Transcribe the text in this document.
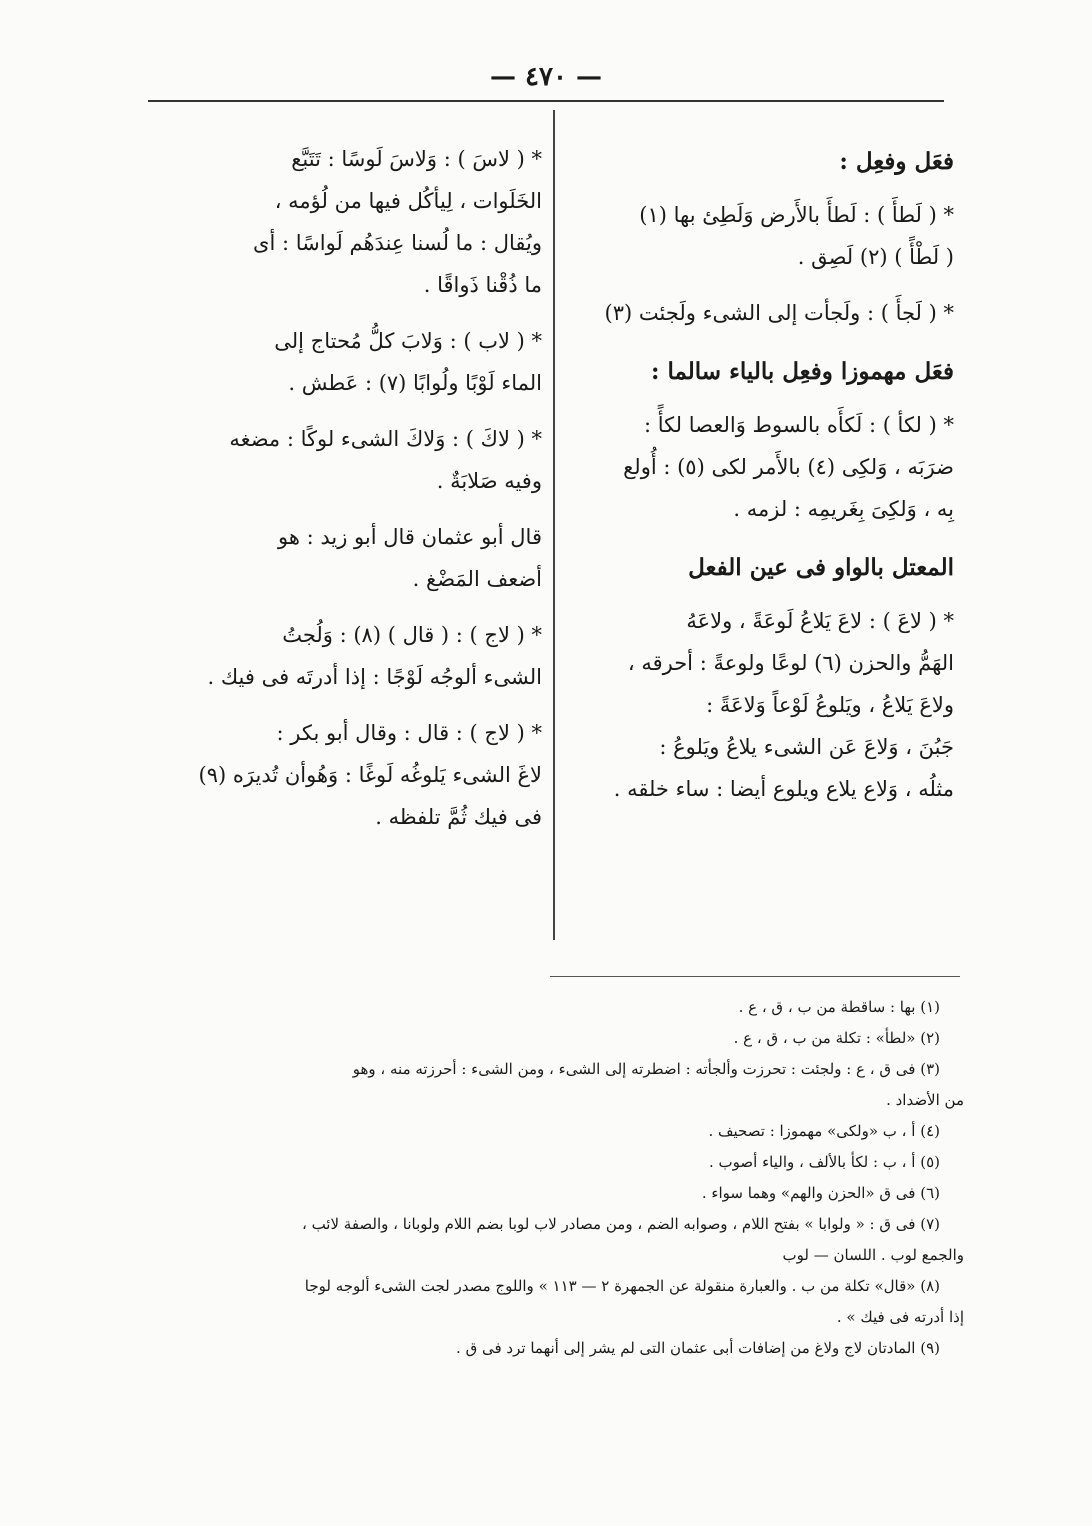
— ٤٧٠ —
فعَل وفعِل :

* ( لَطأَ ) : لَطأَ بالأَرض وَلَطِئ بها (١)

( لَطْأً ) (٢) لَصِق .

* ( لَجأَ ) : ولَجأت إلى الشىء ولَجئت (٣)

فعَل مهموزا وفعِل بالياء سالما :

* ( لكأ ) : لَكأَه بالسوط وَالعصا لكأً :

ضرَبَه ، وَلكِى (٤) بالأَمر لكى (٥) : أُولع

بِه ، وَلكِىَ بِغَريمِه : لزمه .

المعتل بالواو فى عين الفعل

* ( لاعَ ) : لاعَ يَلاعُ لَوعَةً ، ولاعَهُ

الهَمُّ والحزن (٦) لوعًا ولوعةً : أحرقه ،

ولاعَ يَلاعُ ، ويَلوعُ لَوْعاً وَلاعَةً :

جَبُنَ ، وَلاعَ عَن الشىء يلاعُ ويَلوعُ :

مثلُه ، وَلاع يلاع ويلوع أيضا : ساء خلقه .

* ( لاسَ ) : وَلاسَ لَوسًا : تَتَبَّع

الخَلَوات ، لِيأكُل فيها من لُؤمه ،

ويُقال : ما لُسنا عِندَهُم لَواسًا : أى

ما ذُقْنا ذَواقًا .

* ( لاب ) : وَلابَ كلُّ مُحتاج إلى

الماء لَوْبًا ولُوابًا (٧) : عَطش .

* ( لاكَ ) : وَلاكَ الشىء لوكًا : مضغه

وفيه صَلابَةٌ .

قال أبو عثمان قال أبو زيد : هو

أضعف المَضْغ .

* ( لاج ) : ( قال ) (٨) : وَلُجتُ

الشىء ألوجُه لَوْجًا : إذا أدرتَه فى فيك .

* ( لاج ) : قال : وقال أبو بكر :

لاغَ الشىء يَلوغُه لَوغًا : وَهُوأن تُديرَه (٩)

فى فيك ثُمَّ تلفظه .

(١) بها : ساقطة من ب ، ق ، ع .

(٢) «لطأ» : تكلة من ب ، ق ، ع .

(٣) فى ق ، ع : ولجئت : تحرزت وألجأته : اضطرته إلى الشىء ، ومن الشىء : أحرزته منه ، وهو

من الأضداد .

(٤) أ ، ب «ولكى» مهموزا : تصحيف .

(٥) أ ، ب : لكأ بالألف ، والياء أصوب .

(٦) فى ق «الحزن والهم» وهما سواء .

(٧) فى ق : « ولوابا » بفتح اللام ، وصوابه الضم ، ومن مصادر لاب لوبا بضم اللام ولوبانا ، والصفة لائب ،

والجمع لوب . اللسان — لوب

(٨) «قال» تكلة من ب . والعبارة منقولة عن الجمهرة ٢ — ١١٣ » واللوج مصدر لجت الشىء ألوجه لوجا

إذا أدرته فى فيك » .

(٩) المادتان لاج ولاغ من إضافات أبى عثمان التى لم يشر إلى أنهما ترد فى ق .
